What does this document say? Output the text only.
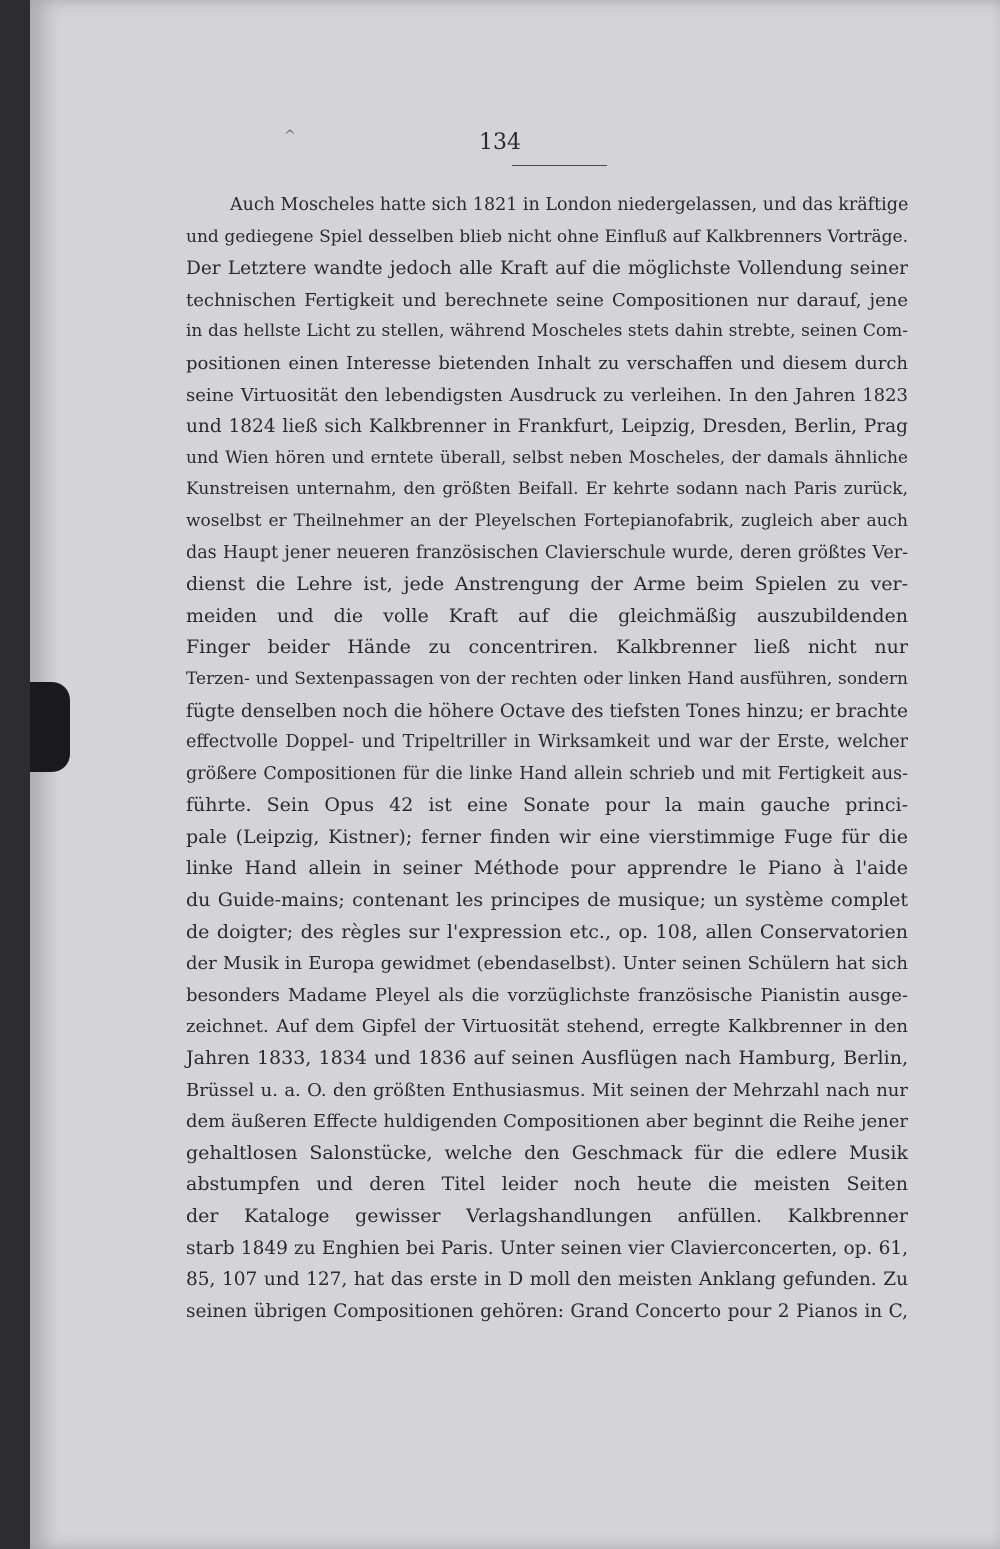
^	134
Auch Moscheles hatte sich 1821 in London niedergelassen, und das kräftige
und gediegene Spiel desselben blieb nicht ohne Einfluß auf Kalkbrenners Vorträge.
Der Letztere wandte jedoch alle Kraft auf die möglichste Vollendung seiner
technischen Fertigkeit und berechnete seine Compositionen nur darauf, jene
in das hellste Licht zu stellen, während Moscheles stets dahin strebte, seinen Com-
positionen einen Interesse bietenden Inhalt zu verschaffen und diesem durch
seine Virtuosität den lebendigsten Ausdruck zu verleihen. In den Jahren 1823
und 1824 ließ sich Kalkbrenner in Frankfurt, Leipzig, Dresden, Berlin, Prag
und Wien hören und erntete überall, selbst neben Moscheles, der damals ähnliche
Kunstreisen unternahm, den größten Beifall. Er kehrte sodann nach Paris zurück,
woselbst er Theilnehmer an der Pleyelschen Fortepianofabrik, zugleich aber auch
das Haupt jener neueren französischen Clavierschule wurde, deren größtes Ver-
dienst die Lehre ist, jede Anstrengung der Arme beim Spielen zu ver-
meiden und die volle Kraft auf die gleichmäßig auszubildenden
Finger beider Hände zu concentriren. Kalkbrenner ließ nicht nur
Terzen- und Sextenpassagen von der rechten oder linken Hand ausführen, sondern
fügte denselben noch die höhere Octave des tiefsten Tones hinzu; er brachte
effectvolle Doppel- und Tripeltriller in Wirksamkeit und war der Erste, welcher
größere Compositionen für die linke Hand allein schrieb und mit Fertigkeit aus-
führte. Sein Opus 42 ist eine Sonate pour la main gauche princi-
pale (Leipzig, Kistner); ferner finden wir eine vierstimmige Fuge für die
linke Hand allein in seiner Méthode pour apprendre le Piano à l'aide
du Guide-mains; contenant les principes de musique; un système complet
de doigter; des règles sur l'expression etc., op. 108, allen Conservatorien
der Musik in Europa gewidmet (ebendaselbst). Unter seinen Schülern hat sich
besonders Madame Pleyel als die vorzüglichste französische Pianistin ausge-
zeichnet. Auf dem Gipfel der Virtuosität stehend, erregte Kalkbrenner in den
Jahren 1833, 1834 und 1836 auf seinen Ausflügen nach Hamburg, Berlin,
Brüssel u. a. O. den größten Enthusiasmus. Mit seinen der Mehrzahl nach nur
dem äußeren Effecte huldigenden Compositionen aber beginnt die Reihe jener
gehaltlosen Salonstücke, welche den Geschmack für die edlere Musik
abstumpfen und deren Titel leider noch heute die meisten Seiten
der Kataloge gewisser Verlagshandlungen anfüllen. Kalkbrenner
starb 1849 zu Enghien bei Paris. Unter seinen vier Clavierconcerten, op. 61,
85, 107 und 127, hat das erste in D moll den meisten Anklang gefunden. Zu
seinen übrigen Compositionen gehören: Grand Concerto pour 2 Pianos in C,
